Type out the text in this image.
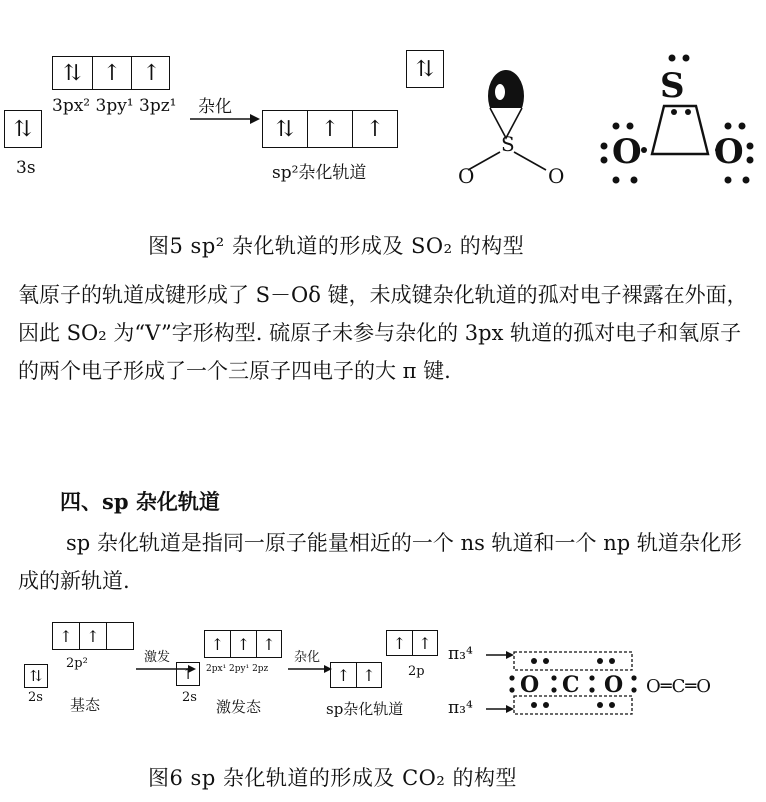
⇅ ↑ ↑
3px² 3py¹ 3pz¹
⇅
3s
杂化
⇅	↑	↑
sp²杂化轨道
⇅
S
O	O
S
O O
图5 sp² 杂化轨道的形成及 SO₂ 的构型
氧原子的轨道成键形成了 S－Oδ 键，未成键杂化轨道的孤对电子裸露在外面，因此 SO₂ 为“V”字形构型. 硫原子未参与杂化的 3px 轨道的孤对电子和氧原子的两个电子形成了一个三原子四电子的大 π 键.
四、sp 杂化轨道
sp 杂化轨道是指同一原子能量相近的一个 ns 轨道和一个 np 轨道杂化形成的新轨道.
↑ ↑
2p²
⇅
2s 基态
激发
↑ ↑ ↑
2px¹ 2py¹ 2pz
↑
2s
激发态
杂化
↑ ↑
sp杂化轨道
↑ ↑
2p
π₃⁴
π₃⁴
O C O O═C═O
图6 sp 杂化轨道的形成及 CO₂ 的构型
